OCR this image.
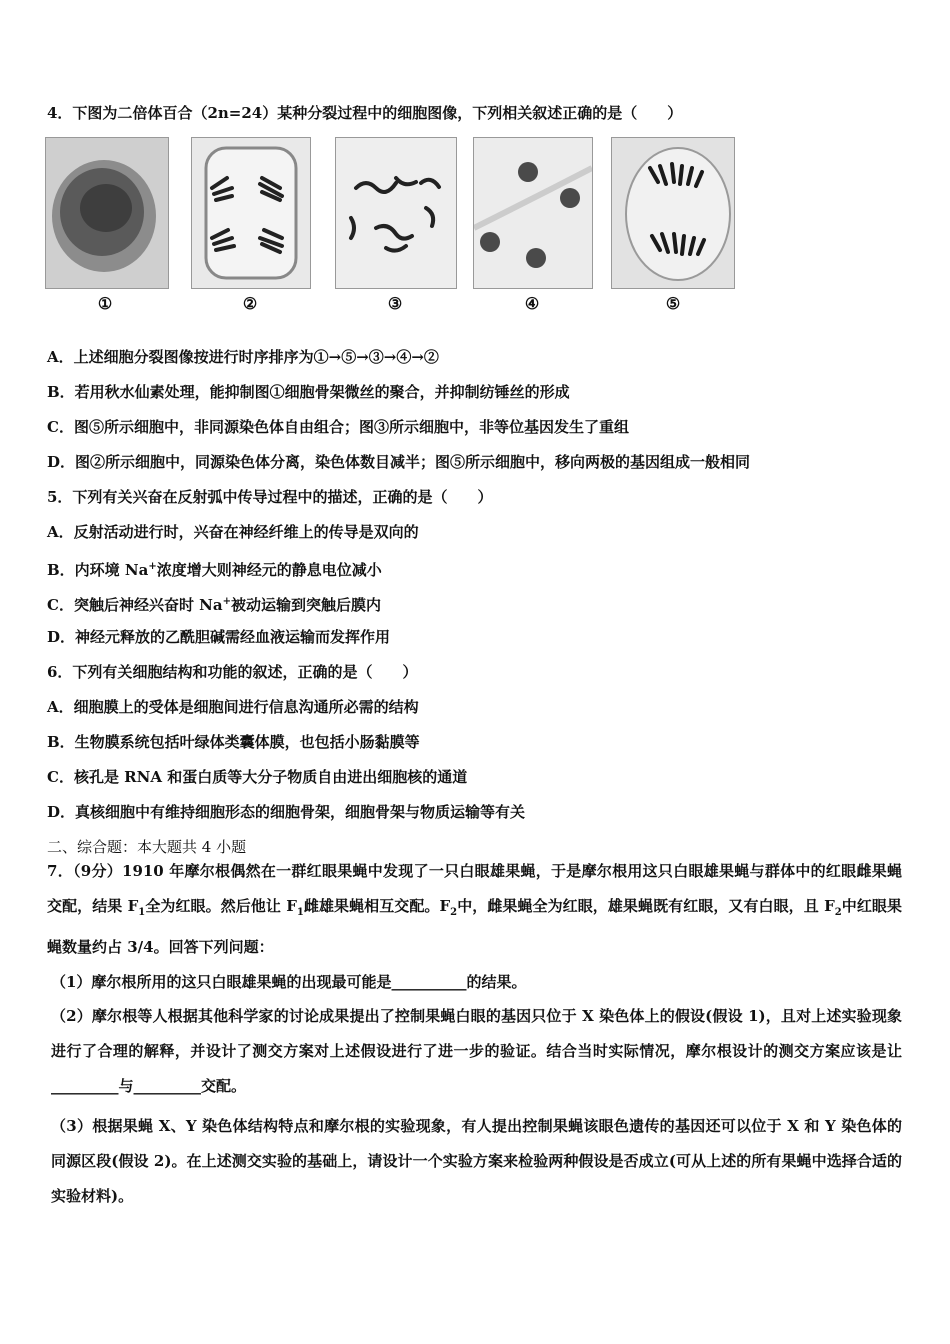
4．下图为二倍体百合（2n=24）某种分裂过程中的细胞图像，下列相关叙述正确的是（　　）
①	②	③	④	⑤
A．上述细胞分裂图像按进行时序排序为①→⑤→③→④→②
B．若用秋水仙素处理，能抑制图①细胞骨架微丝的聚合，并抑制纺锤丝的形成
C．图⑤所示细胞中，非同源染色体自由组合；图③所示细胞中，非等位基因发生了重组
D．图②所示细胞中，同源染色体分离，染色体数目减半；图⑤所示细胞中，移向两极的基因组成一般相同
5．下列有关兴奋在反射弧中传导过程中的描述，正确的是（　　）
A．反射活动进行时，兴奋在神经纤维上的传导是双向的
B．内环境 Na+浓度增大则神经元的静息电位减小
C．突触后神经兴奋时 Na+被动运输到突触后膜内
D．神经元释放的乙酰胆碱需经血液运输而发挥作用
6．下列有关细胞结构和功能的叙述，正确的是（　　）
A．细胞膜上的受体是细胞间进行信息沟通所必需的结构
B．生物膜系统包括叶绿体类囊体膜，也包括小肠黏膜等
C．核孔是 RNA 和蛋白质等大分子物质自由进出细胞核的通道
D．真核细胞中有维持细胞形态的细胞骨架，细胞骨架与物质运输等有关
二、综合题：本大题共 4 小题
7．（9分）1910 年摩尔根偶然在一群红眼果蝇中发现了一只白眼雄果蝇，于是摩尔根用这只白眼雄果蝇与群体中的红眼雌果蝇交配，结果 $F_1$全为红眼。然后他让 $F_1$雌雄果蝇相互交配。$F_2$中，雌果蝇全为红眼，雄果蝇既有红眼，又有白眼，且 $F_2$中红眼果蝇数量约占 3/4。回答下列问题：
（1）摩尔根所用的这只白眼雄果蝇的出现最可能是__________的结果。
（2）摩尔根等人根据其他科学家的讨论成果提出了控制果蝇白眼的基因只位于 X 染色体上的假设(假设 1)，且对上述实验现象进行了合理的解释，并设计了测交方案对上述假设进行了进一步的验证。结合当时实际情况，摩尔根设计的测交方案应该是让_________与_________交配。
（3）根据果蝇 X、Y 染色体结构特点和摩尔根的实验现象，有人提出控制果蝇该眼色遗传的基因还可以位于 X 和 Y 染色体的同源区段(假设 2)。在上述测交实验的基础上，请设计一个实验方案来检验两种假设是否成立(可从上述的所有果蝇中选择合适的实验材料)。
